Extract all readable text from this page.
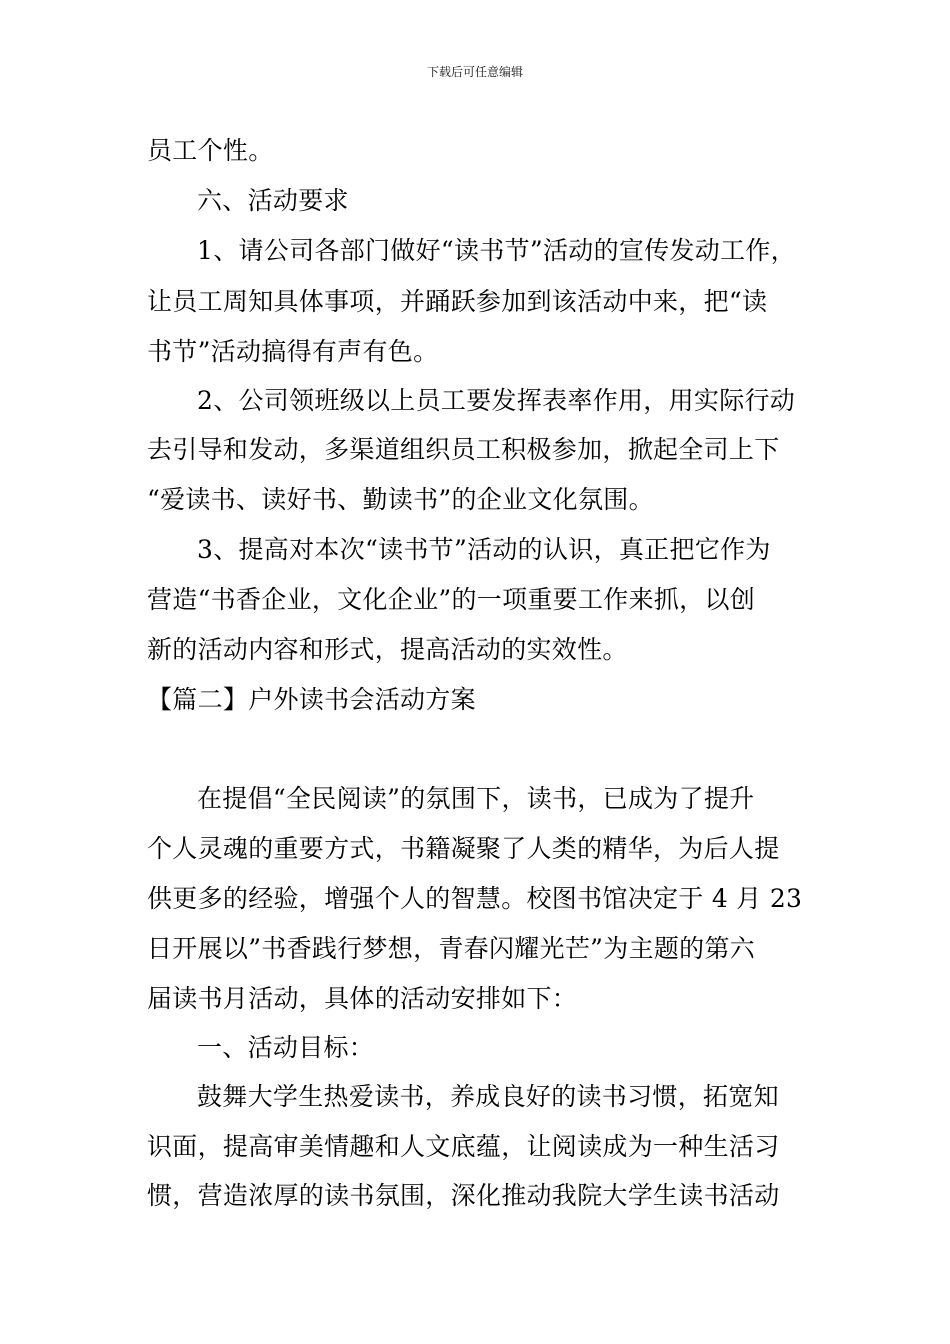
下载后可任意编辑
员工个性。
六、活动要求
1、请公司各部门做好“读书节”活动的宣传发动工作，
让员工周知具体事项，并踊跃参加到该活动中来，把“读
书节”活动搞得有声有色。
2、公司领班级以上员工要发挥表率作用，用实际行动
去引导和发动，多渠道组织员工积极参加，掀起全司上下
“爱读书、读好书、勤读书”的企业文化氛围。
3、提高对本次“读书节”活动的认识，真正把它作为
营造“书香企业，文化企业”的一项重要工作来抓，以创
新的活动内容和形式，提高活动的实效性。
【篇二】户外读书会活动方案
在提倡“全民阅读”的氛围下，读书，已成为了提升
个人灵魂的重要方式，书籍凝聚了人类的精华，为后人提
供更多的经验，增强个人的智慧。校图书馆决定于 4 月 23
日开展以”书香践行梦想，青春闪耀光芒”为主题的第六
届读书月活动，具体的活动安排如下：
一、活动目标：
鼓舞大学生热爱读书，养成良好的读书习惯，拓宽知
识面，提高审美情趣和人文底蕴，让阅读成为一种生活习
惯，营造浓厚的读书氛围，深化推动我院大学生读书活动
